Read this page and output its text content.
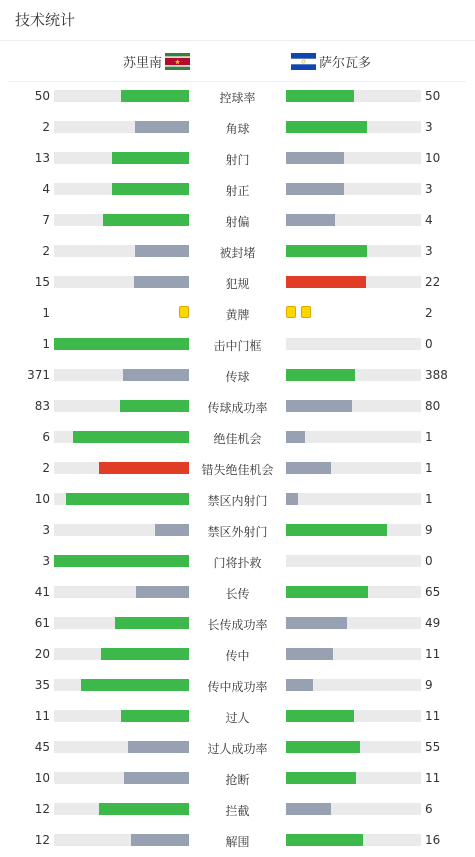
技术统计
苏里南	萨尔瓦多
50	控球率	50
2	角球	3
13	射门	10
4	射正	3
7	射偏	4
2	被封堵	3
15	犯规	22
1	黄牌	2
1	击中门框	0
371	传球	388
83	传球成功率	80
6	绝佳机会	1
2	错失绝佳机会	1
10	禁区内射门	1
3	禁区外射门	9
3	门将扑救	0
41	长传	65
61	长传成功率	49
20	传中	11
35	传中成功率	9
11	过人	11
45	过人成功率	55
10	抢断	11
12	拦截	6
12	解围	16
